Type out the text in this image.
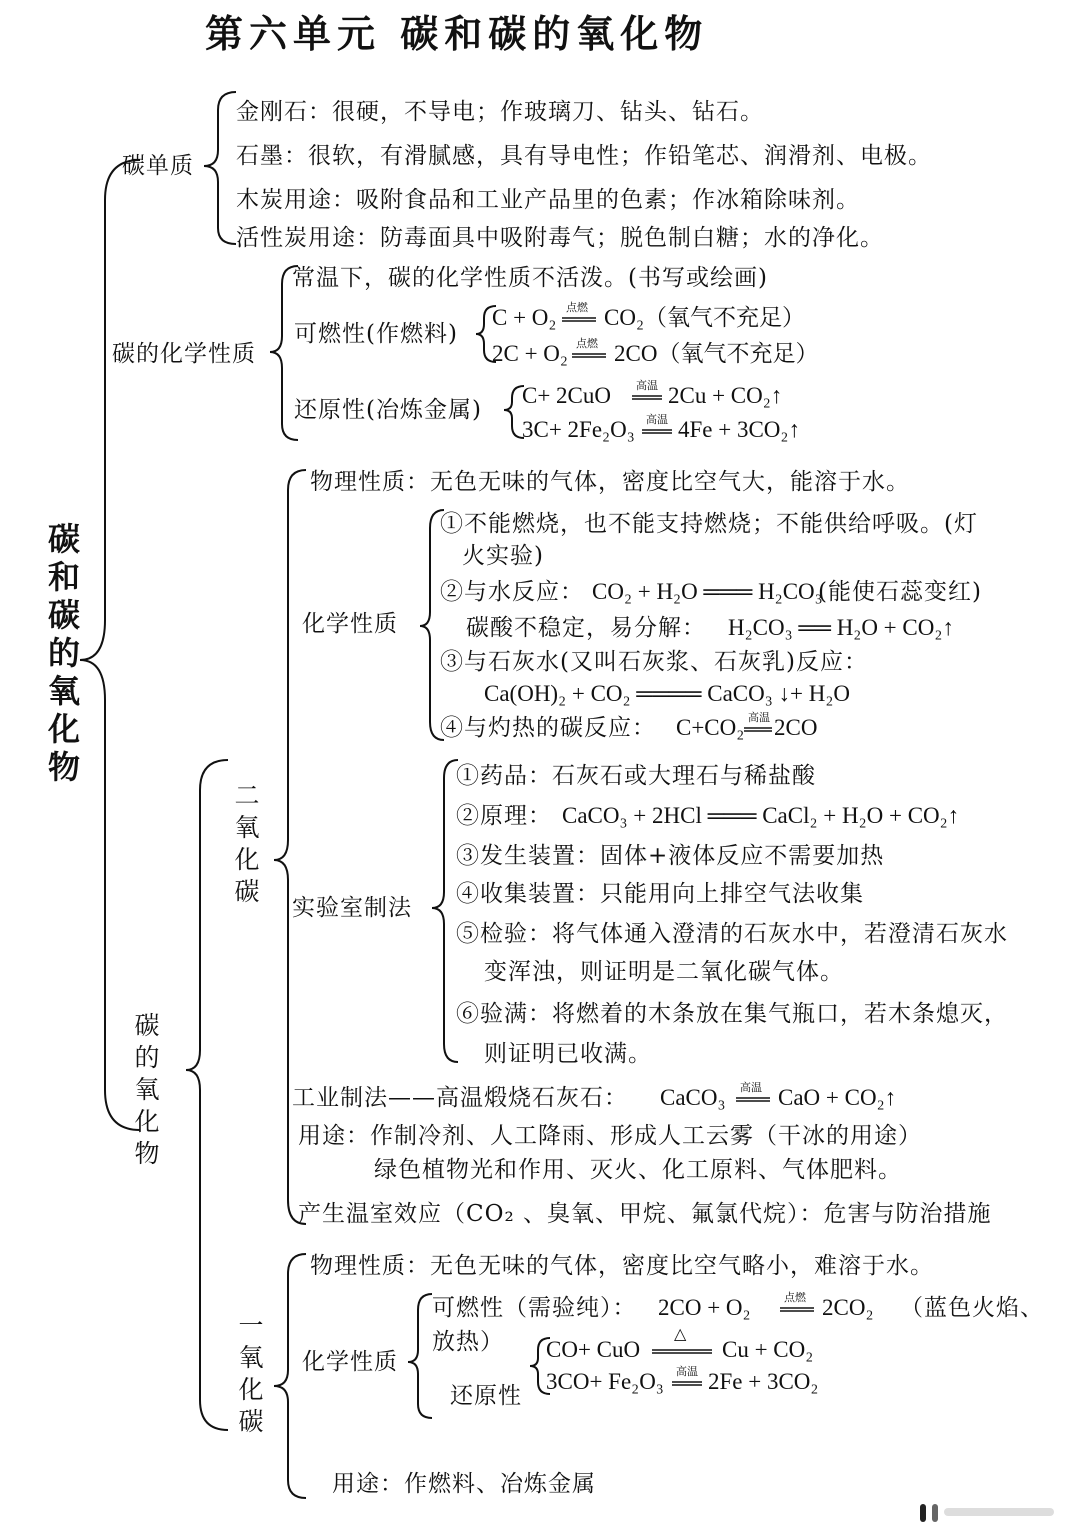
第六单元 碳和碳的氧化物
碳和碳的氧化物
碳单质
金刚石：很硬，不导电；作玻璃刀、钻头、钻石。
石墨：很软，有滑腻感，具有导电性；作铅笔芯、润滑剂、电极。
木炭用途：吸附食品和工业产品里的色素；作冰箱除味剂。
活性炭用途：防毒面具中吸附毒气；脱色制白糖；水的净化。
碳的化学性质
常温下，碳的化学性质不活泼。(书写或绘画)
可燃性(作燃料)
C + O₂ 点燃 CO₂（氧气不充足）
2C + O₂ 点燃 2CO（氧气不充足）
还原性(冶炼金属)
C+ 2CuO 高温 2Cu + CO₂↑
3C+ 2Fe₂O₃ 高温 4Fe + 3CO₂↑
碳的氧化物
二氧化碳
物理性质：无色无味的气体，密度比空气大，能溶于水。
化学性质
①不能燃烧，也不能支持燃烧；不能供给呼吸。(灯
火实验)
②与水反应： CO₂ + H₂O ═══ H₂CO₃
(能使石蕊变红)
碳酸不稳定，易分解： H₂CO₃ ══ H₂O + CO₂↑
③与石灰水(又叫石灰浆、石灰乳)反应：
Ca(OH)₂ + CO₂ ════ CaCO₃ ↓+ H₂O
④与灼热的碳反应： C+CO₂ 高温 2CO
实验室制法
①药品：石灰石或大理石与稀盐酸
②原理： CaCO₃ + 2HCl ═══ CaCl₂ + H₂O + CO₂↑
③发生装置：固体+液体反应不需要加热
④收集装置：只能用向上排空气法收集
⑤检验：将气体通入澄清的石灰水中，若澄清石灰水
变浑浊，则证明是二氧化碳气体。
⑥验满：将燃着的木条放在集气瓶口，若木条熄灭，
则证明已收满。
工业制法——高温煅烧石灰石： CaCO₃ 高温 CaO + CO₂↑
用途：作制冷剂、人工降雨、形成人工云雾（干冰的用途）
绿色植物光和作用、灭火、化工原料、气体肥料。
产生温室效应（CO₂ 、臭氧、甲烷、氟氯代烷）：危害与防治措施
一氧化碳
物理性质：无色无味的气体，密度比空气略小，难溶于水。
化学性质
可燃性（需验纯）： 2CO + O₂	点燃 2CO₂ （蓝色火焰、
放热）
还原性
CO+ CuO
△
Cu + CO₂
3CO+ Fe₂O₃ 高温 2Fe + 3CO₂
用途：作燃料、冶炼金属
